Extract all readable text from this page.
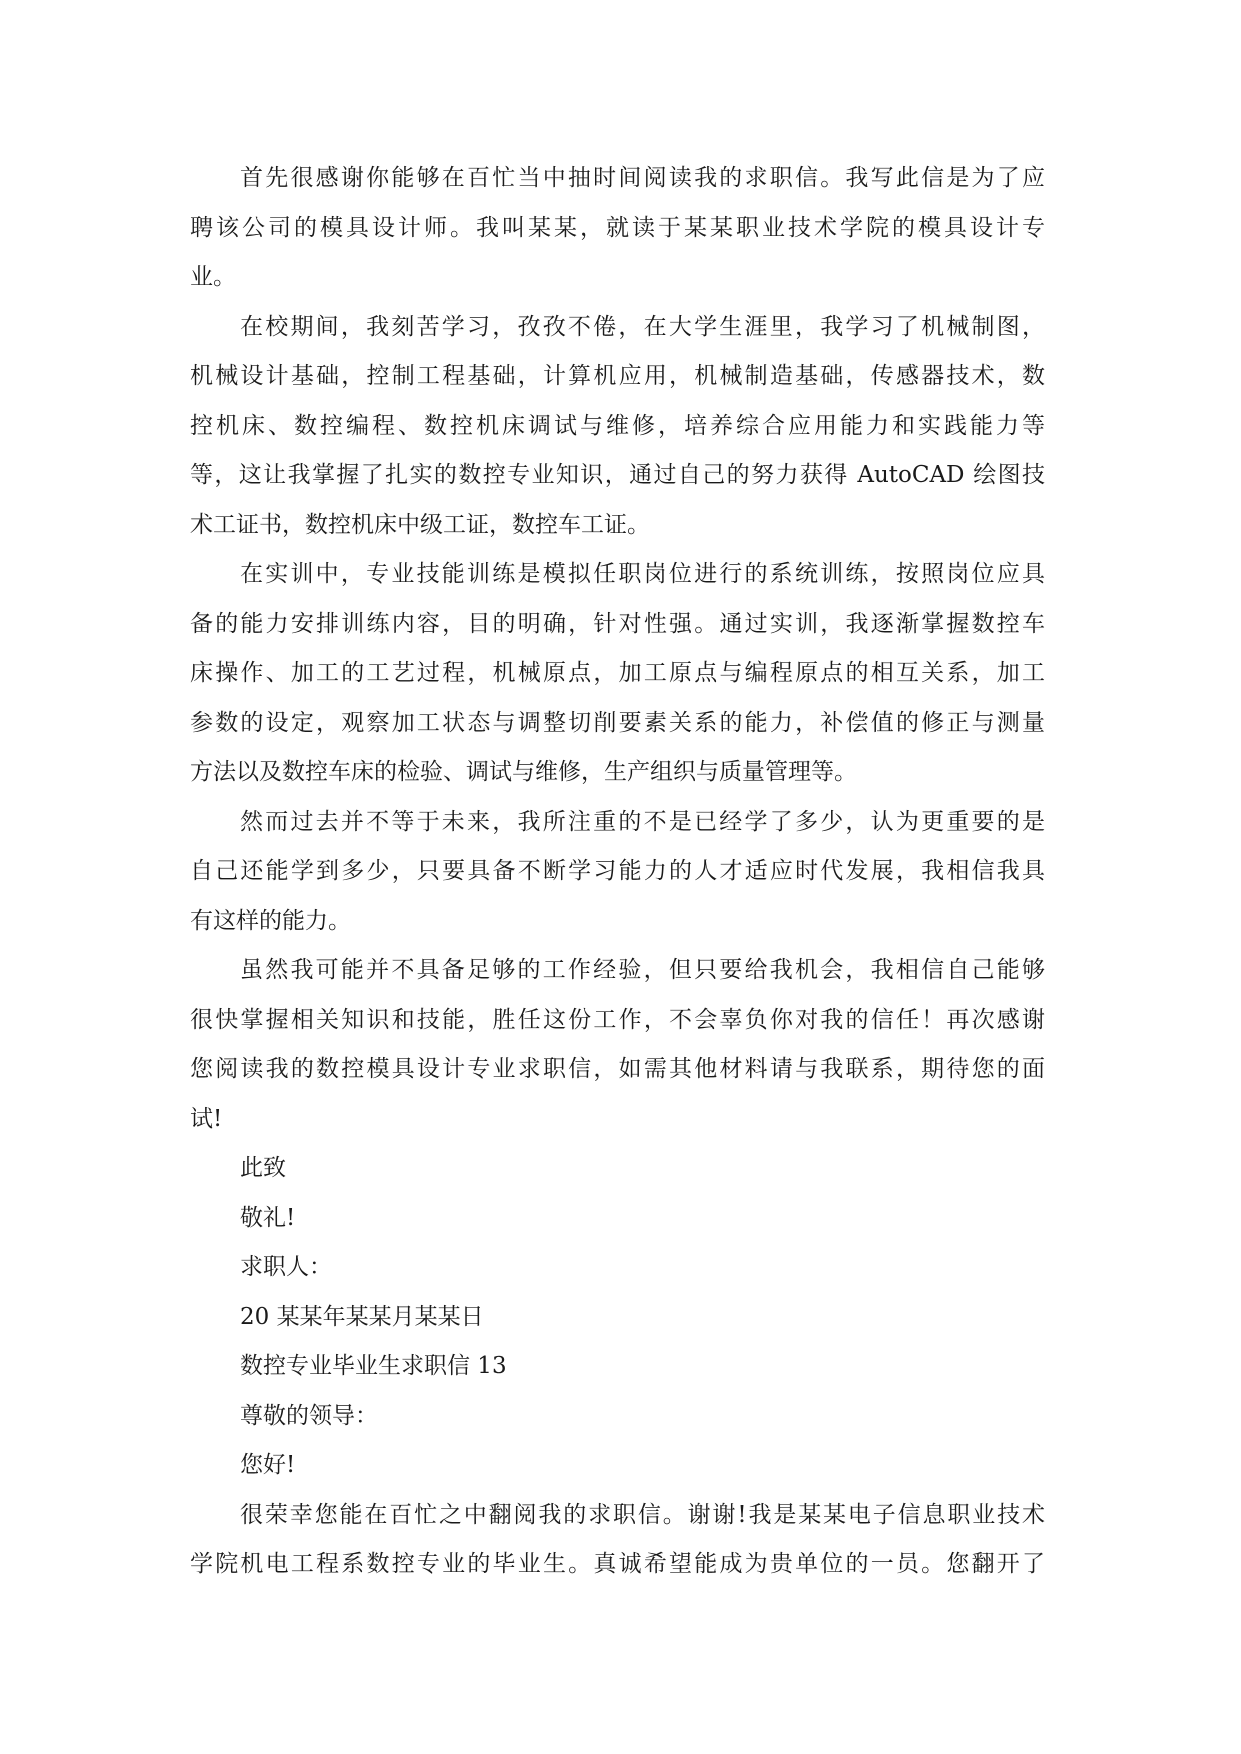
首先很感谢你能够在百忙当中抽时间阅读我的求职信。我写此信是为了应
聘该公司的模具设计师。我叫某某，就读于某某职业技术学院的模具设计专
业。
在校期间，我刻苦学习，孜孜不倦，在大学生涯里，我学习了机械制图，
机械设计基础，控制工程基础，计算机应用，机械制造基础，传感器技术，数
控机床、数控编程、数控机床调试与维修，培养综合应用能力和实践能力等
等，这让我掌握了扎实的数控专业知识，通过自己的努力获得 AutoCAD 绘图技
术工证书，数控机床中级工证，数控车工证。
在实训中，专业技能训练是模拟任职岗位进行的系统训练，按照岗位应具
备的能力安排训练内容，目的明确，针对性强。通过实训，我逐渐掌握数控车
床操作、加工的工艺过程，机械原点，加工原点与编程原点的相互关系，加工
参数的设定，观察加工状态与调整切削要素关系的能力，补偿值的修正与测量
方法以及数控车床的检验、调试与维修，生产组织与质量管理等。
然而过去并不等于未来，我所注重的不是已经学了多少，认为更重要的是
自己还能学到多少，只要具备不断学习能力的人才适应时代发展，我相信我具
有这样的能力。
虽然我可能并不具备足够的工作经验，但只要给我机会，我相信自己能够
很快掌握相关知识和技能，胜任这份工作，不会辜负你对我的信任！再次感谢
您阅读我的数控模具设计专业求职信，如需其他材料请与我联系，期待您的面
试!
此致
敬礼!
求职人：
20 某某年某某月某某日
数控专业毕业生求职信 13
尊敬的领导：
您好!
很荣幸您能在百忙之中翻阅我的求职信。谢谢!我是某某电子信息职业技术
学院机电工程系数控专业的毕业生。真诚希望能成为贵单位的一员。您翻开了
